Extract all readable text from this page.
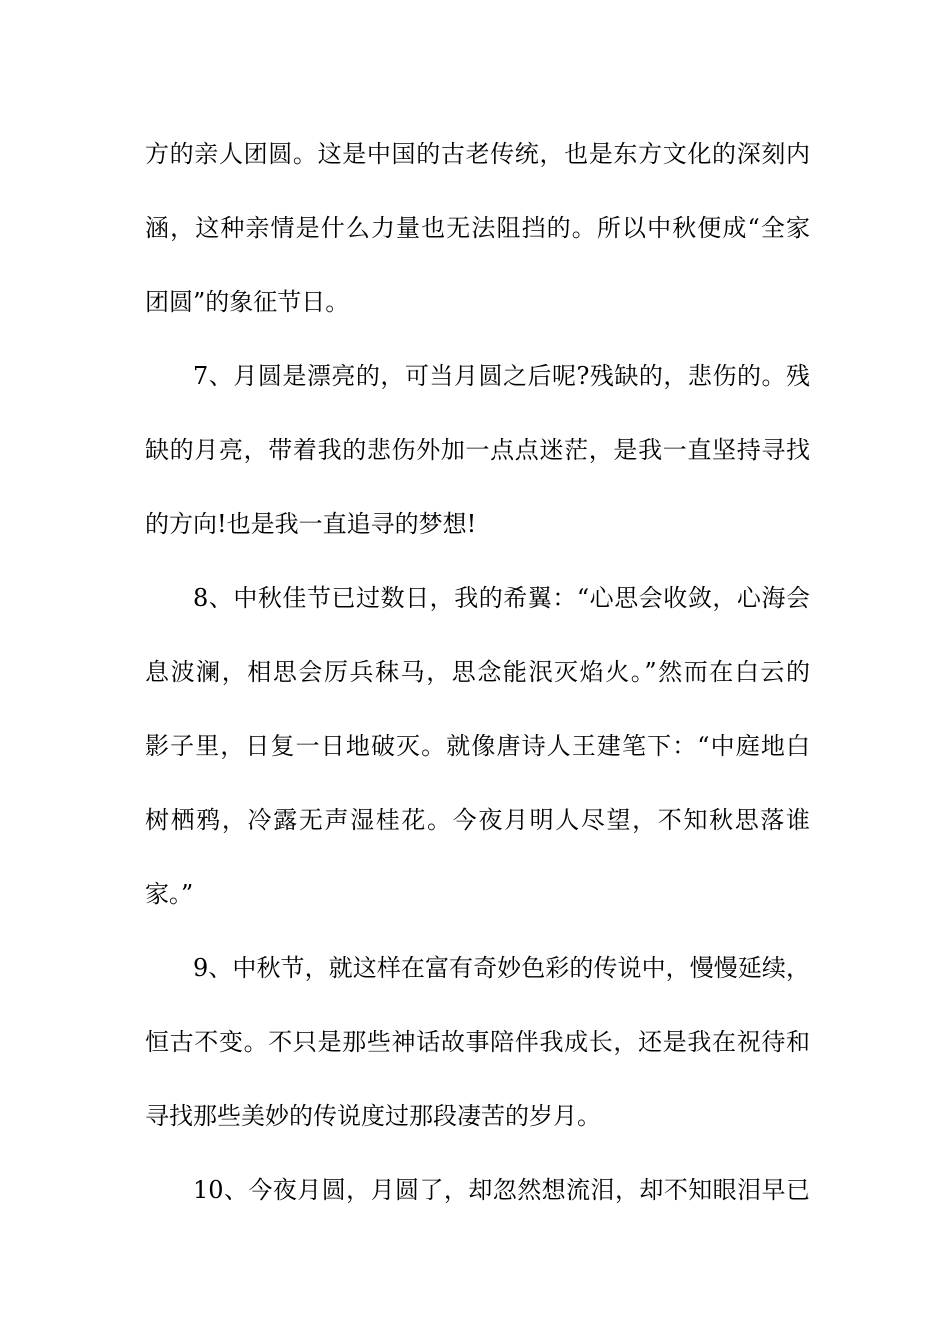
方的亲人团圆。这是中国的古老传统，也是东方文化的深刻内
涵，这种亲情是什么力量也无法阻挡的。所以中秋便成“全家
团圆”的象征节日。
7、月圆是漂亮的，可当月圆之后呢?残缺的，悲伤的。残
缺的月亮，带着我的悲伤外加一点点迷茫，是我一直坚持寻找
的方向!也是我一直追寻的梦想!
8、中秋佳节已过数日，我的希翼：“心思会收敛，心海会
息波澜，相思会厉兵秣马，思念能泯灭焰火。”然而在白云的
影子里，日复一日地破灭。就像唐诗人王建笔下：“中庭地白
树栖鸦，冷露无声湿桂花。今夜月明人尽望，不知秋思落谁
家。”
9、中秋节，就这样在富有奇妙色彩的传说中，慢慢延续，
恒古不变。不只是那些神话故事陪伴我成长，还是我在祝待和
寻找那些美妙的传说度过那段凄苦的岁月。
10、今夜月圆，月圆了，却忽然想流泪，却不知眼泪早已
